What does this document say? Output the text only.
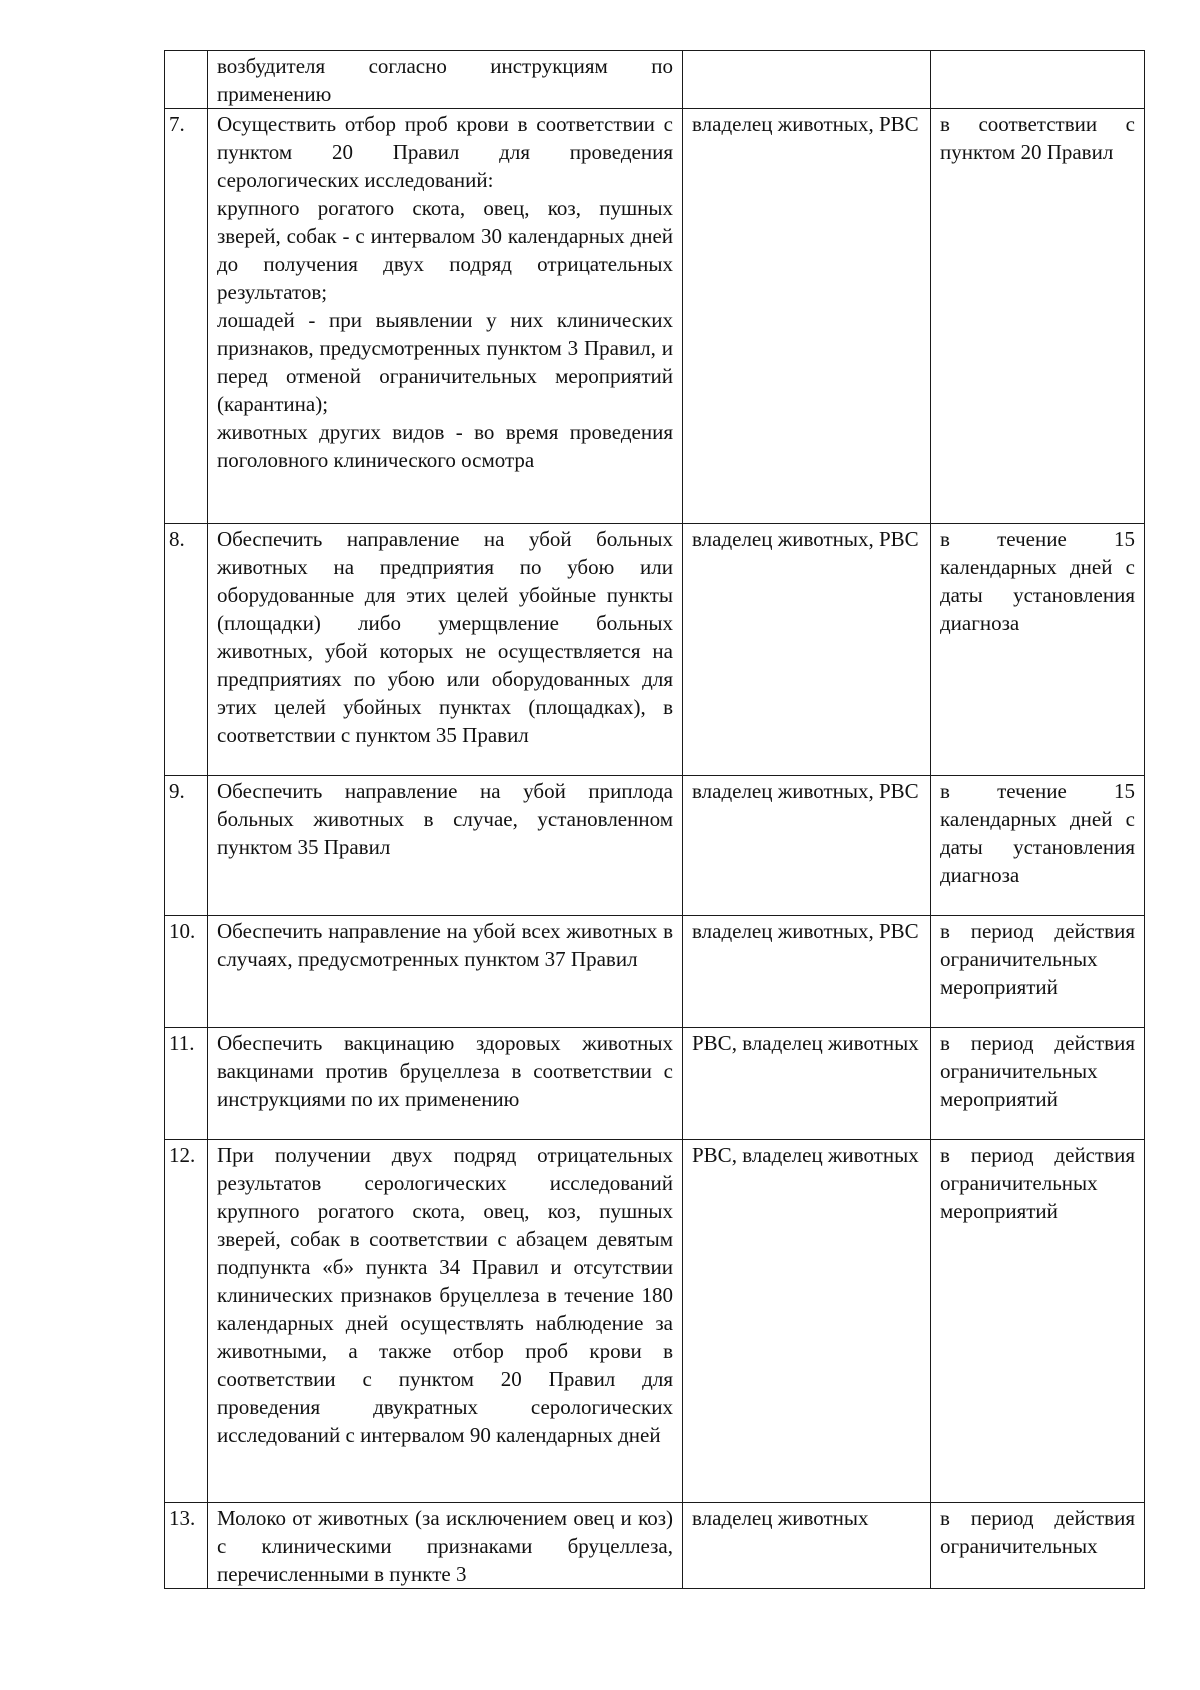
	возбудителя согласно инструкциям по применению		

7.	Осуществить отбор проб крови в соответствии с пунктом 20 Правил для проведения серологических исследований:
крупного рогатого скота, овец, коз, пушных зверей, собак - с интервалом 30 календарных дней до получения двух подряд отрицательных результатов;
лошадей - при выявлении у них клинических признаков, предусмотренных пунктом 3 Правил, и перед отменой ограничительных мероприятий (карантина);
животных других видов - во время проведения поголовного клинического осмотра	владелец животных, РВС	в соответствии с пунктом 20 Правил
8.	Обеспечить направление на убой больных животных на предприятия по убою или оборудованные для этих целей убойные пункты (площадки) либо умерщвление больных животных, убой которых не осуществляется на предприятиях по убою или оборудованных для этих целей убойных пунктах (площадках), в соответствии с пунктом 35 Правил	владелец животных, РВС	в течение 15 календарных дней с даты установления диагноза
9.	Обеспечить направление на убой приплода больных животных в случае, установленном пунктом 35 Правил	владелец животных, РВС	в течение 15 календарных дней с даты установления диагноза
10.	Обеспечить направление на убой всех животных в случаях, предусмотренных пунктом 37 Правил	владелец животных, РВС	в период действия ограничительных мероприятий
11.	Обеспечить вакцинацию здоровых животных вакцинами против бруцеллеза в соответствии с инструкциями по их применению	РВС, владелец животных	в период действия ограничительных мероприятий
12.	При получении двух подряд отрицательных результатов серологических исследований крупного рогатого скота, овец, коз, пушных зверей, собак в соответствии с абзацем девятым подпункта «б» пункта 34 Правил и отсутствии клинических признаков бруцеллеза в течение 180 календарных дней осуществлять наблюдение за животными, а также отбор проб крови в соответствии с пунктом 20 Правил для проведения двукратных серологических исследований с интервалом 90 календарных дней	РВС, владелец животных	в период действия ограничительных мероприятий
13.	Молоко от животных (за исключением овец и коз) с клиническими признаками бруцеллеза, перечисленными в пункте 3	владелец животных	в период действия ограничительных
